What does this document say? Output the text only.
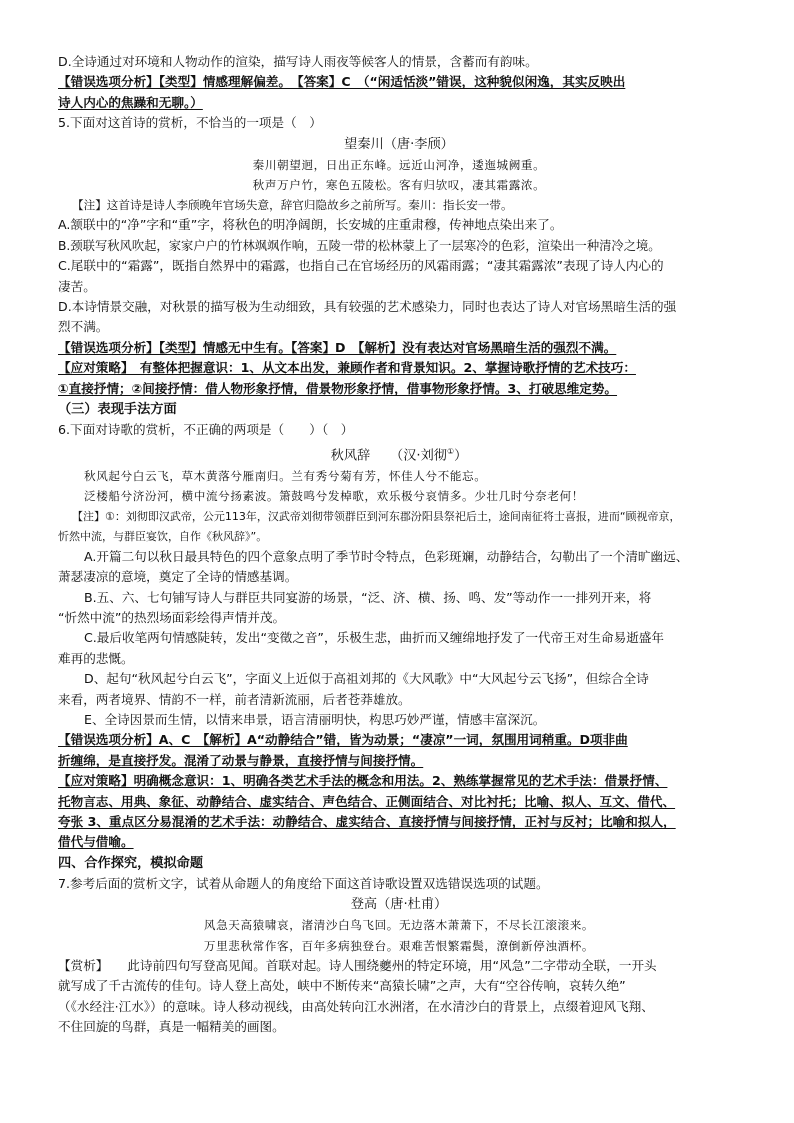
D.全诗通过对环境和人物动作的渲染，描写诗人雨夜等候客人的情景，含蓄而有韵味。

【错误选项分析】【类型】情感理解偏差。　【答案】C　（“闲适恬淡”错误，这种貌似闲逸，其实反映出

诗人内心的焦躁和无聊。）

5.下面对这首诗的赏析，不恰当的一项是（　）

望秦川（唐·李颀）

秦川朝望迥，日出正东峰。远近山河净，逶迤城阙重。

秋声万户竹，寒色五陵松。客有归欤叹，凄其霜露浓。

【注】这首诗是诗人李颀晚年官场失意，辞官归隐故乡之前所写。秦川：指长安一带。

A.颔联中的“净”字和“重”字，将秋色的明净阔朗，长安城的庄重肃穆，传神地点染出来了。

B.颈联写秋风吹起，家家户户的竹林飒飒作响，五陵一带的松林蒙上了一层寒冷的色彩，渲染出一种清冷之境。

C.尾联中的“霜露”，既指自然界中的霜露，也指自己在官场经历的风霜雨露；“凄其霜露浓”表现了诗人内心的

凄苦。

D.本诗情景交融，对秋景的描写极为生动细致，具有较强的艺术感染力，同时也表达了诗人对官场黑暗生活的强

烈不满。

【错误选项分析】【类型】情感无中生有。【答案】D　【解析】没有表达对官场黑暗生活的强烈不满。

【应对策略】　有整体把握意识：1、从文本出发，兼顾作者和背景知识。2、掌握诗歌抒情的艺术技巧：

①直接抒情；②间接抒情：借人物形象抒情，借景物形象抒情，借事物形象抒情。3、打破思维定势。

（三）表现手法方面

6.下面对诗歌的赏析，不正确的两项是（　　）（　）

秋风辞　　（汉·刘彻①）

秋风起兮白云飞，草木黄落兮雁南归。兰有秀兮菊有芳，怀佳人兮不能忘。

泛楼船兮济汾河，横中流兮扬素波。箫鼓鸣兮发棹歌，欢乐极兮哀情多。少壮几时兮奈老何！

【注】①：刘彻即汉武帝，公元113年，汉武帝刘彻带领群臣到河东郡汾阳县祭祀后土，途间南征将士喜报，进而“顾视帝京，

忻然中流，与群臣宴饮，自作《秋风辞》”。

A.开篇二句以秋日最具特色的四个意象点明了季节时令特点，色彩斑斓，动静结合，勾勒出了一个清旷幽远、

萧瑟凄凉的意境，奠定了全诗的情感基调。

B.五、六、七句铺写诗人与群臣共同宴游的场景，“泛、济、横、扬、鸣、发”等动作一一排列开来，将

“忻然中流”的热烈场面彩绘得声情并茂。

C.最后收笔两句情感陡转，发出“变徵之音”，乐极生悲，曲折而又缠绵地抒发了一代帝王对生命易逝盛年

难再的悲慨。

D、起句“秋风起兮白云飞”，字面义上近似于高祖刘邦的《大风歌》中“大风起兮云飞扬”，但综合全诗

来看，两者境界、情韵不一样，前者清新流丽，后者苍莽雄放。

E、全诗因景而生情，以情来串景，语言清丽明快，构思巧妙严谨，情感丰富深沉。

【错误选项分析】A、C　【解析】A“动静结合”错，皆为动景；“凄凉”一词，氛围用词稍重。D项非曲

折缠绵，是直接抒发。混淆了动景与静景，直接抒情与间接抒情。

【应对策略】明确概念意识：1、明确各类艺术手法的概念和用法。2、熟练掌握常见的艺术手法：借景抒情、

托物言志、用典、象征、动静结合、虚实结合、声色结合、正侧面结合、对比衬托；比喻、拟人、互文、借代、

夸张 3、重点区分易混淆的艺术手法：动静结合、虚实结合、直接抒情与间接抒情，正衬与反衬；比喻和拟人，

借代与借喻。

四、合作探究，模拟命题

7.参考后面的赏析文字，试着从命题人的角度给下面这首诗歌设置双选错误选项的试题。

登高（唐·杜甫）

风急天高猿啸哀，渚清沙白鸟飞回。无边落木萧萧下，不尽长江滚滚来。

万里悲秋常作客，百年多病独登台。艰难苦恨繁霜鬓，潦倒新停浊酒杯。

【赏析】　　此诗前四句写登高见闻。首联对起。诗人围绕夔州的特定环境，用“风急”二字带动全联，一开头

就写成了千古流传的佳句。诗人登上高处，峡中不断传来“高猿长啸”之声，大有“空谷传响，哀转久绝”

（《水经注·江水》）的意味。诗人移动视线，由高处转向江水洲渚，在水清沙白的背景上，点缀着迎风飞翔、

不住回旋的鸟群，真是一幅精美的画图。
